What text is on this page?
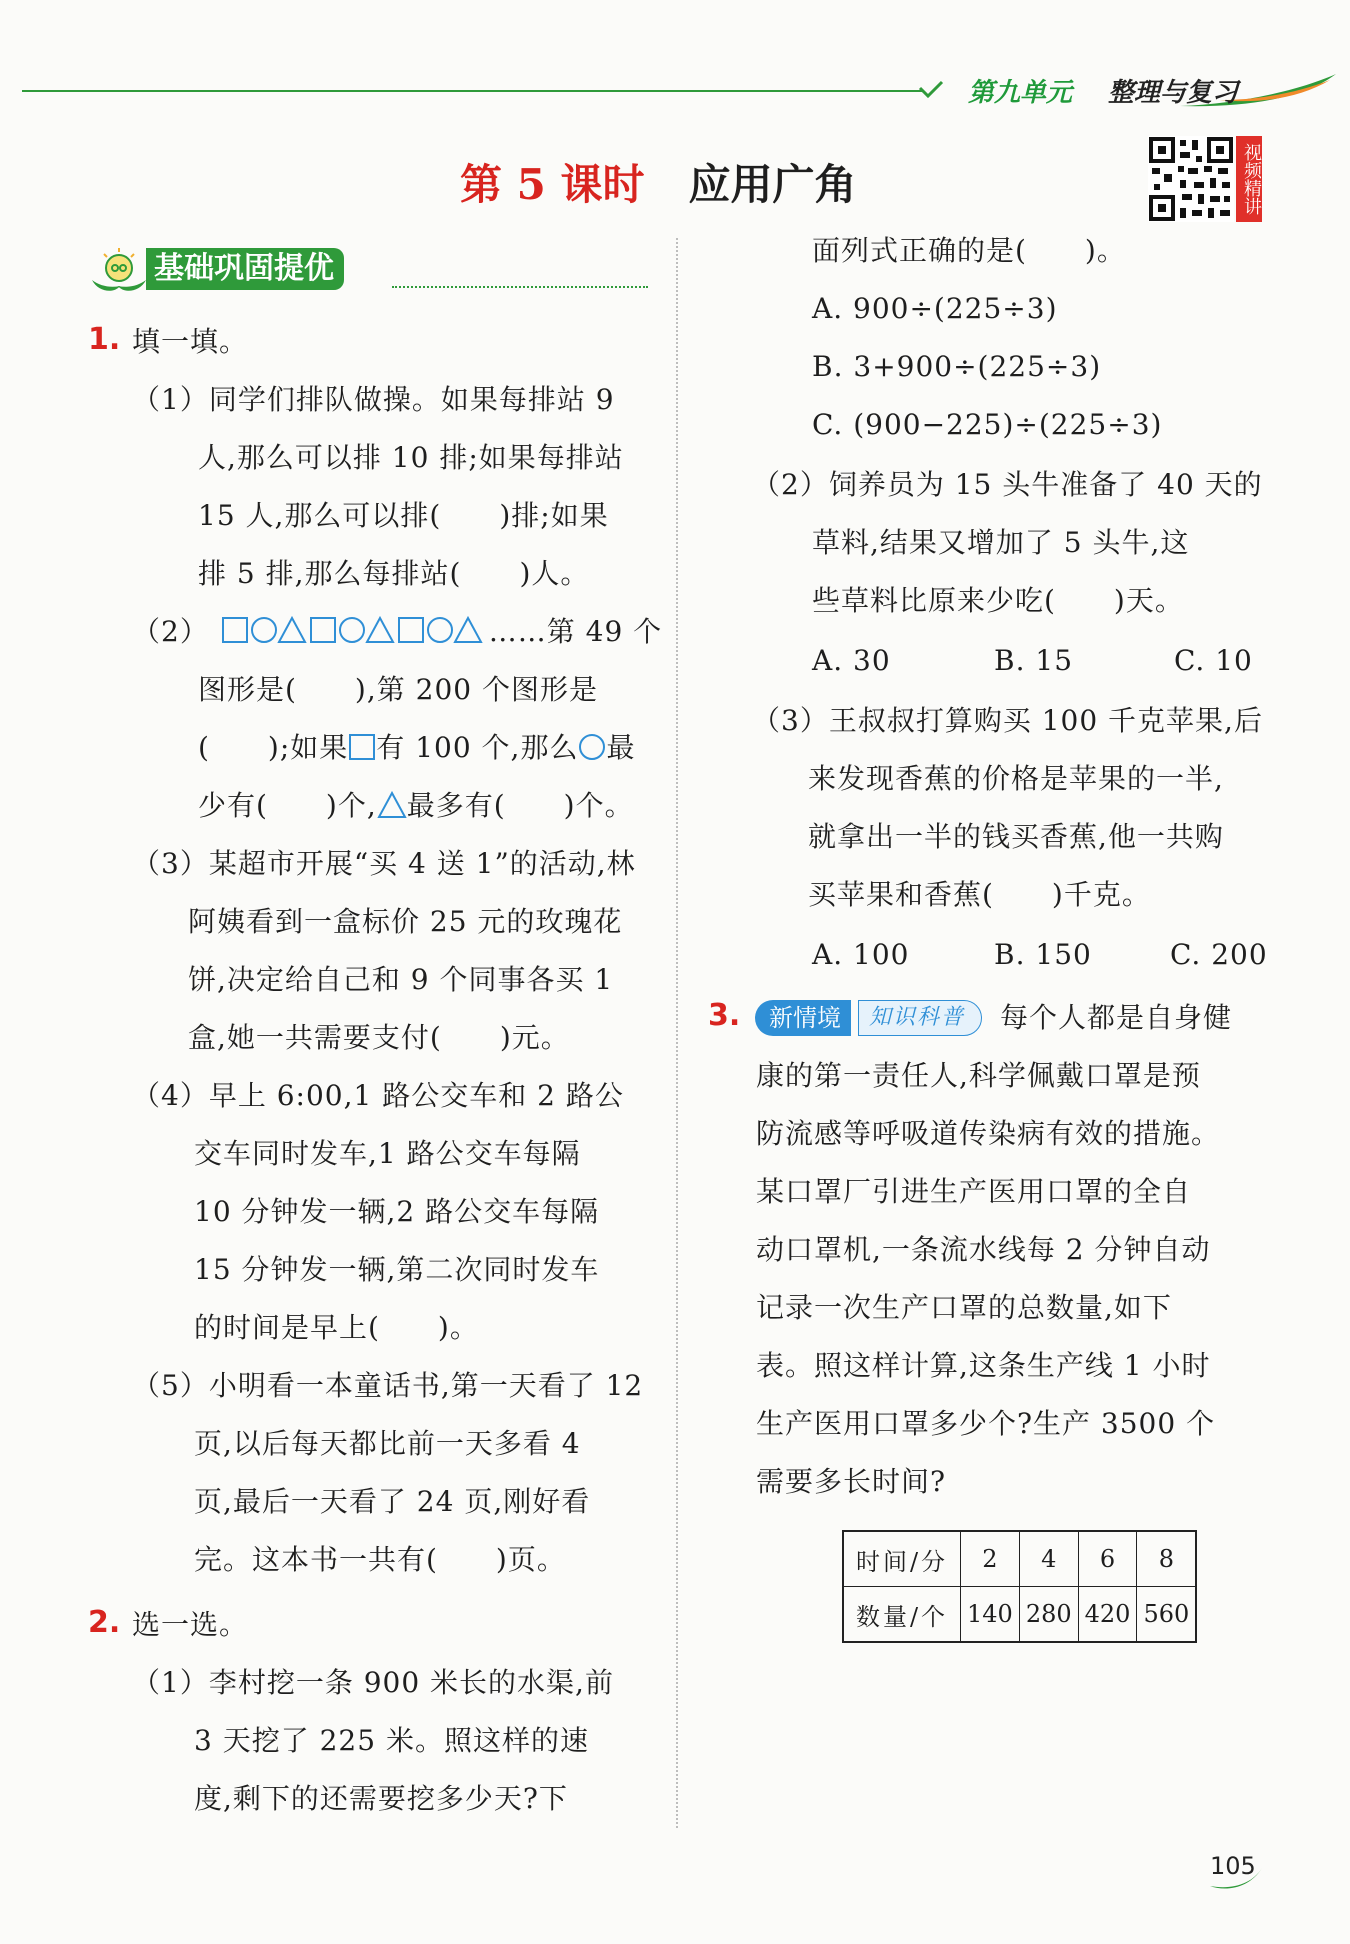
第九单元 整理与复习
第 5 课时 应用广角	视频精讲
基础巩固提优
1. 填一填。
（1）同学们排队做操。如果每排站 9
人,那么可以排 10 排;如果每排站
15 人,那么可以排(　　)排;如果
排 5 排,那么每排站(　　)人。
（2）	……第 49 个
图形是(　　),第 200 个图形是
(　　);如果 有 100 个,那么 最
少有(　　)个, 最多有(　　)个。
（3）某超市开展“买 4 送 1”的活动,林
阿姨看到一盒标价 25 元的玫瑰花
饼,决定给自己和 9 个同事各买 1
盒,她一共需要支付(　　)元。
（4）早上 6:00,1 路公交车和 2 路公
交车同时发车,1 路公交车每隔
10 分钟发一辆,2 路公交车每隔
15 分钟发一辆,第二次同时发车
的时间是早上(　　)。
（5）小明看一本童话书,第一天看了 12
页,以后每天都比前一天多看 4
页,最后一天看了 24 页,刚好看
完。这本书一共有(　　)页。
2. 选一选。
（1）李村挖一条 900 米长的水渠,前
3 天挖了 225 米。照这样的速
度,剩下的还需要挖多少天?下
面列式正确的是(　　)。
A. 900÷(225÷3)
B. 3+900÷(225÷3)
C. (900−225)÷(225÷3)
（2）饲养员为 15 头牛准备了 40 天的
草料,结果又增加了 5 头牛,这
些草料比原来少吃(　　)天。
A. 30	B. 15	C. 10
（3）王叔叔打算购买 100 千克苹果,后
来发现香蕉的价格是苹果的一半,
就拿出一半的钱买香蕉,他一共购
买苹果和香蕉(　　)千克。
A. 100	B. 150	C. 200
3.	新情境	知识科普	每个人都是自身健
康的第一责任人,科学佩戴口罩是预
防流感等呼吸道传染病有效的措施。
某口罩厂引进生产医用口罩的全自
动口罩机,一条流水线每 2 分钟自动
记录一次生产口罩的总数量,如下
表。照这样计算,这条生产线 1 小时
生产医用口罩多少个?生产 3500 个
需要多长时间?
时间/分	2	4	6	8
数量/个	140	280	420	560
105
